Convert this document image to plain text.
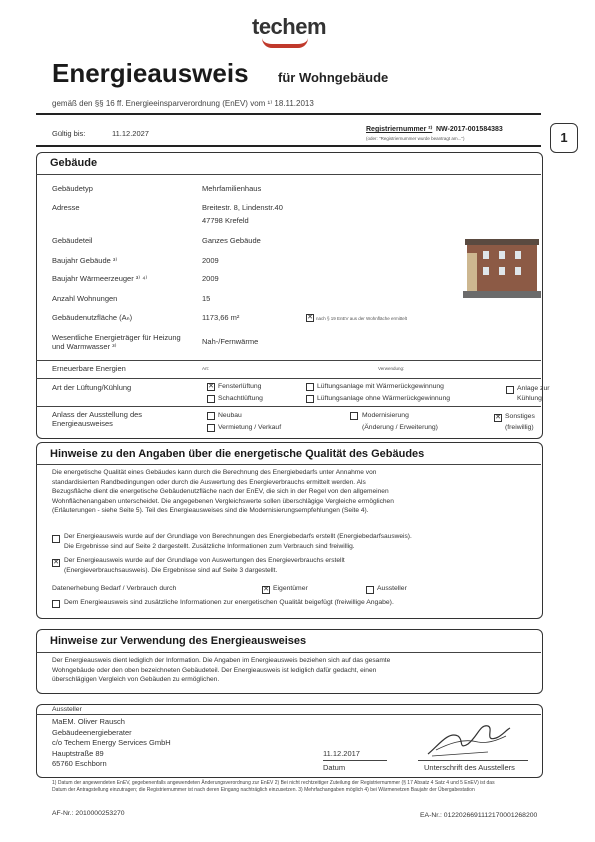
techem
Energieausweis für Wohngebäude
gemäß den §§ 16 ff. Energieeinsparverordnung (EnEV) vom ¹⁾ 18.11.2013
Gültig bis:	11.12.2027	Registriernummer ²⁾ NW-2017-001584383
(oder: "Registriernummer wurde beantragt am...")	1
Gebäude
Gebäudetyp	Mehrfamilienhaus
Adresse	Breitestr. 8, Lindenstr.40
47798 Krefeld
Gebäudeteil	Ganzes Gebäude
Baujahr Gebäude ³⁾	2009
Baujahr Wärmeerzeuger ³⁾ ⁴⁾	2009
Anzahl Wohnungen	15
Gebäudenutzfläche (Aₙ)	1173,66 m²	✕ nach § 19 EnEV aus der Wohnfläche ermittelt
Wesentliche Energieträger für Heizung und Warmwasser ³⁾
Nah-/Fernwärme
Erneuerbare Energien	Art:	Verwendung:
Art der Lüftung/Kühlung	✕ Fensterlüftung
Schachtlüftung
Lüftungsanlage mit Wärmerückgewinnung
Lüftungsanlage ohne Wärmerückgewinnung
Anlage zur
Kühlung
Anlass der Ausstellung des Energieausweises
Neubau
Vermietung / Verkauf
Modernisierung
(Änderung / Erweiterung)
✕ Sonstiges
(freiwillig)
Hinweise zu den Angaben über die energetische Qualität des Gebäudes
Die energetische Qualität eines Gebäudes kann durch die Berechnung des Energiebedarfs unter Annahme von
standardisierten Randbedingungen oder durch die Auswertung des Energieverbrauchs ermittelt werden. Als
Bezugsfläche dient die energetische Gebäudenutzfläche nach der EnEV, die sich in der Regel von den allgemeinen
Wohnflächenangaben unterscheidet. Die angegebenen Vergleichswerte sollen überschlägige Vergleiche ermöglichen
(Erläuterungen - siehe Seite 5). Teil des Energieausweises sind die Modernisierungsempfehlungen (Seite 4).
Der Energieausweis wurde auf der Grundlage von Berechnungen des Energiebedarfs erstellt (Energiebedarfsausweis).
Die Ergebnisse sind auf Seite 2 dargestellt. Zusätzliche Informationen zum Verbrauch sind freiwillig.
✕ Der Energieausweis wurde auf der Grundlage von Auswertungen des Energieverbrauchs erstellt
(Energieverbrauchsausweis). Die Ergebnisse sind auf Seite 3 dargestellt.
Datenerhebung Bedarf / Verbrauch durch	✕ Eigentümer	Aussteller
Dem Energieausweis sind zusätzliche Informationen zur energetischen Qualität beigefügt (freiwillige Angabe).
Hinweise zur Verwendung des Energieausweises
Der Energieausweis dient lediglich der Information. Die Angaben im Energieausweis beziehen sich auf das gesamte
Wohngebäude oder den oben bezeichneten Gebäudeteil. Der Energieausweis ist lediglich dafür gedacht, einen
überschlägigen Vergleich von Gebäuden zu ermöglichen.
Aussteller
MaEM. Oliver Rausch
Gebäudeenergieberater
c/o Techem Energy Services GmbH
Hauptstraße 89
65760 Eschborn
11.12.2017
Datum	Unterschrift des Ausstellers
1) Datum der angewendeten EnEV, gegebenenfalls angewendeten Änderungsverordnung zur EnEV 2) Bei nicht rechtzeitiger Zuteilung der Registriernummer (§ 17 Absatz 4 Satz 4 und 5 EnEV) ist das
Datum der Antragstellung einzutragen; die Registriernummer ist nach deren Eingang nachträglich einzusetzen. 3) Mehrfachangaben möglich 4) bei Wärmenetzen Baujahr der Übergabestation
AF-Nr.: 201000025327​0	EA-Nr.: 01220266911121700012682​00
